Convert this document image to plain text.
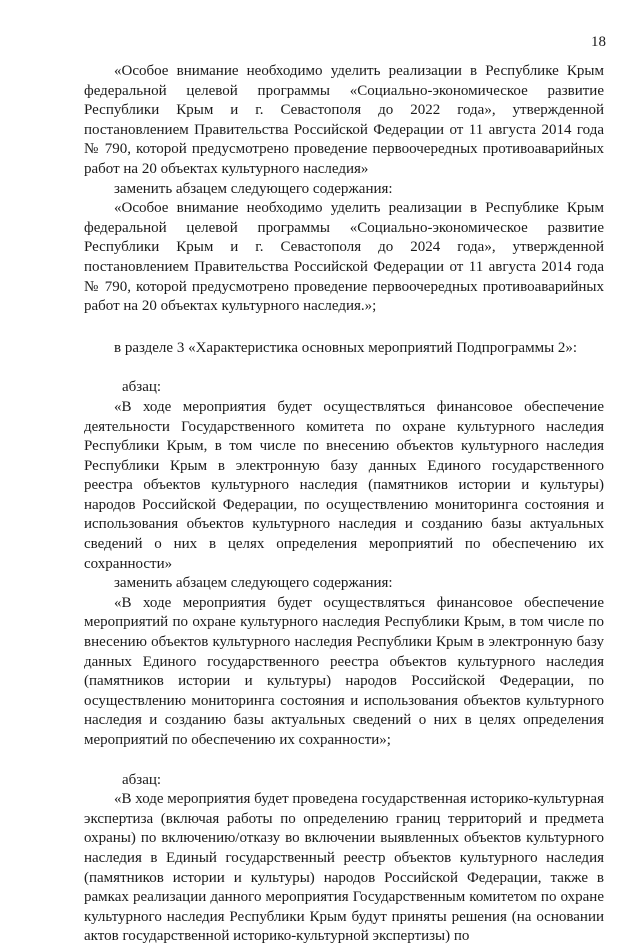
18

«Особое внимание необходимо уделить реализации в Республике Крым федеральной целевой программы «Социально-экономическое развитие Республики Крым и г. Севастополя до 2022 года», утвержденной постановлением Правительства Российской Федерации от 11 августа 2014 года № 790, которой предусмотрено проведение первоочередных противоаварийных работ на 20 объектах культурного наследия»

заменить абзацем следующего содержания:

«Особое внимание необходимо уделить реализации в Республике Крым федеральной целевой программы «Социально-экономическое развитие Республики Крым и г. Севастополя до 2024 года», утвержденной постановлением Правительства Российской Федерации от 11 августа 2014 года № 790, которой предусмотрено проведение первоочередных противоаварийных работ на 20 объектах культурного наследия.»;

в разделе 3 «Характеристика основных мероприятий Подпрограммы 2»:

абзац:

«В ходе мероприятия будет осуществляться финансовое обеспечение деятельности Государственного комитета по охране культурного наследия Республики Крым, в том числе по внесению объектов культурного наследия Республики Крым в электронную базу данных Единого государственного реестра объектов культурного наследия (памятников истории и культуры) народов Российской Федерации, по осуществлению мониторинга состояния и использования объектов культурного наследия и созданию базы актуальных сведений о них в целях определения мероприятий по обеспечению их сохранности»

заменить абзацем следующего содержания:

«В ходе мероприятия будет осуществляться финансовое обеспечение мероприятий по охране культурного наследия Республики Крым, в том числе по внесению объектов культурного наследия Республики Крым в электронную базу данных Единого государственного реестра объектов культурного наследия (памятников истории и культуры) народов Российской Федерации, по осуществлению мониторинга состояния и использования объектов культурного наследия и созданию базы актуальных сведений о них в целях определения мероприятий по обеспечению их сохранности»;

абзац:

«В ходе мероприятия будет проведена государственная историко-культурная экспертиза (включая работы по определению границ территорий и предмета охраны) по включению/отказу во включении выявленных объектов культурного наследия в Единый государственный реестр объектов культурного наследия (памятников истории и культуры) народов Российской Федерации, также в рамках реализации данного мероприятия Государственным комитетом по охране культурного наследия Республики Крым будут приняты решения (на основании актов государственной историко-культурной экспертизы) по
